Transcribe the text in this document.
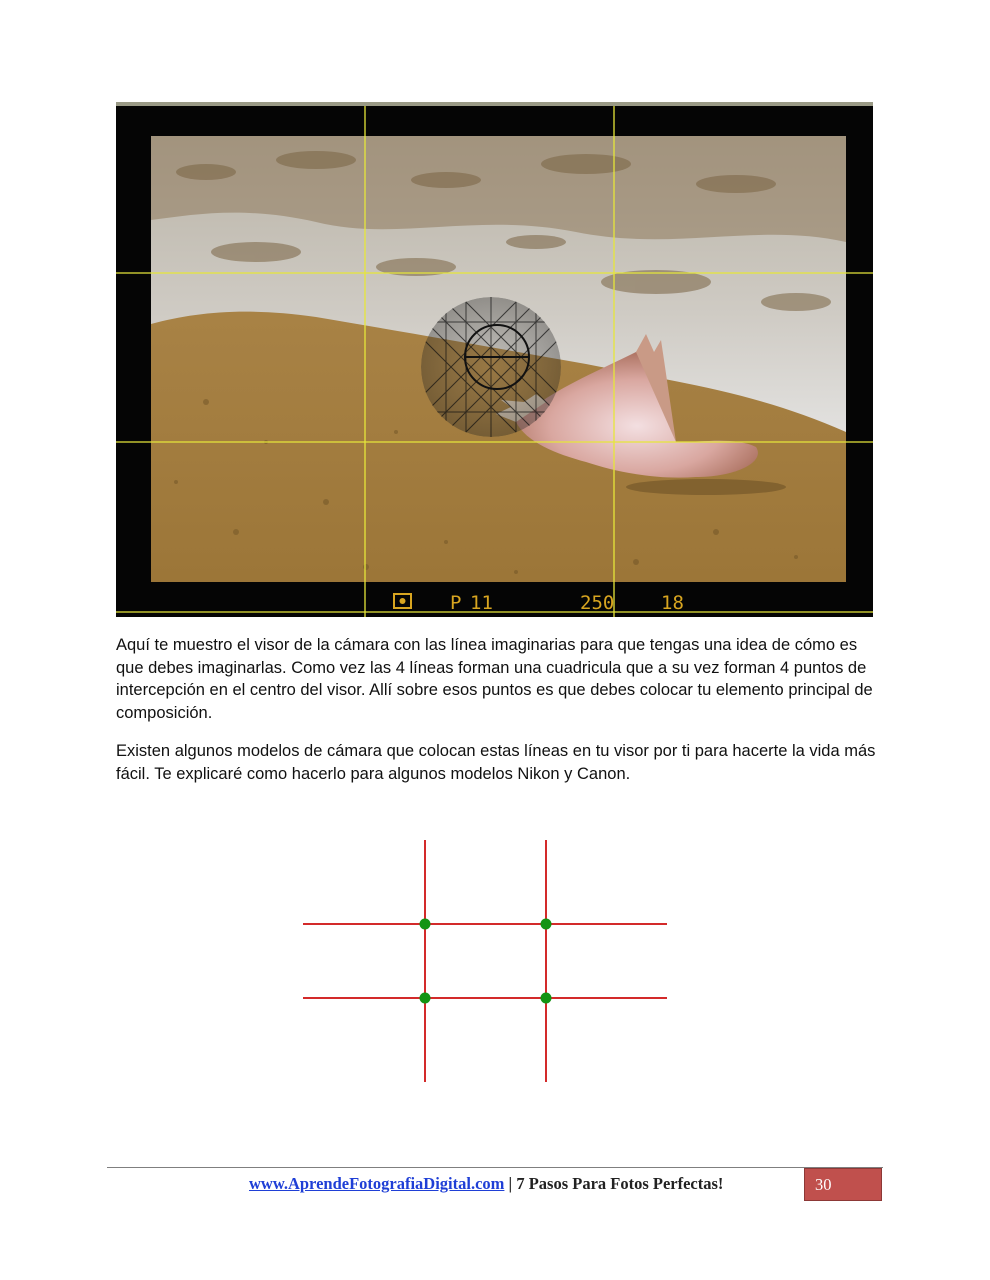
P 11	250 18

Aquí te muestro el visor de la cámara con las línea imaginarias para que tengas una idea de cómo es que debes imaginarlas. Como vez las 4 líneas forman una cuadricula que a su vez forman 4 puntos de intercepción en el centro del visor. Allí sobre esos puntos es que debes colocar tu elemento principal de composición.

Existen algunos modelos de cámara que colocan estas líneas en tu visor por ti para hacerte la vida más fácil. Te explicaré como hacerlo para algunos modelos Nikon y Canon.

www.AprendeFotografiaDigital.com | 7 Pasos Para Fotos Perfectas!	30
